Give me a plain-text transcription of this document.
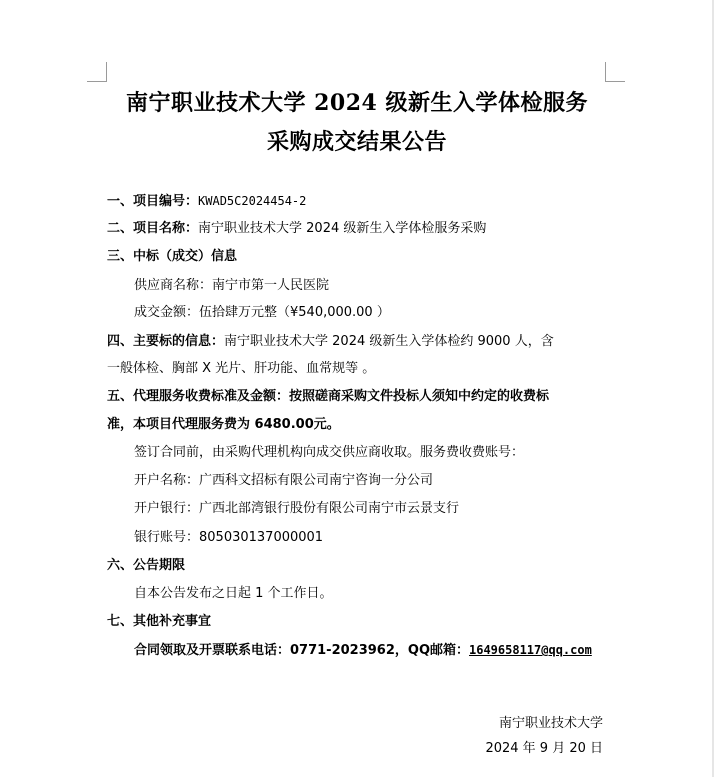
南宁职业技术大学 2024 级新生入学体检服务
采购成交结果公告
一、项目编号：KWAD5C2024454-2
二、项目名称：南宁职业技术大学 2024 级新生入学体检服务采购
三、中标（成交）信息
供应商名称：南宁市第一人民医院
成交金额：伍拾肆万元整（¥540,000.00 ）
四、主要标的信息：南宁职业技术大学 2024 级新生入学体检约 9000 人，含
一般体检、胸部 X 光片、肝功能、血常规等 。
五、代理服务收费标准及金额：按照磋商采购文件投标人须知中约定的收费标
准，本项目代理服务费为 6480.00元。
签订合同前，由采购代理机构向成交供应商收取。服务费收费账号：
开户名称：广西科文招标有限公司南宁咨询一分公司
开户银行：广西北部湾银行股份有限公司南宁市云景支行
银行账号：805030137000001
六、公告期限
自本公告发布之日起 1 个工作日。
七、其他补充事宜
合同领取及开票联系电话：0771-2023962，QQ邮箱：1649658117@qq.com
南宁职业技术大学
2024 年 9 月 20 日
